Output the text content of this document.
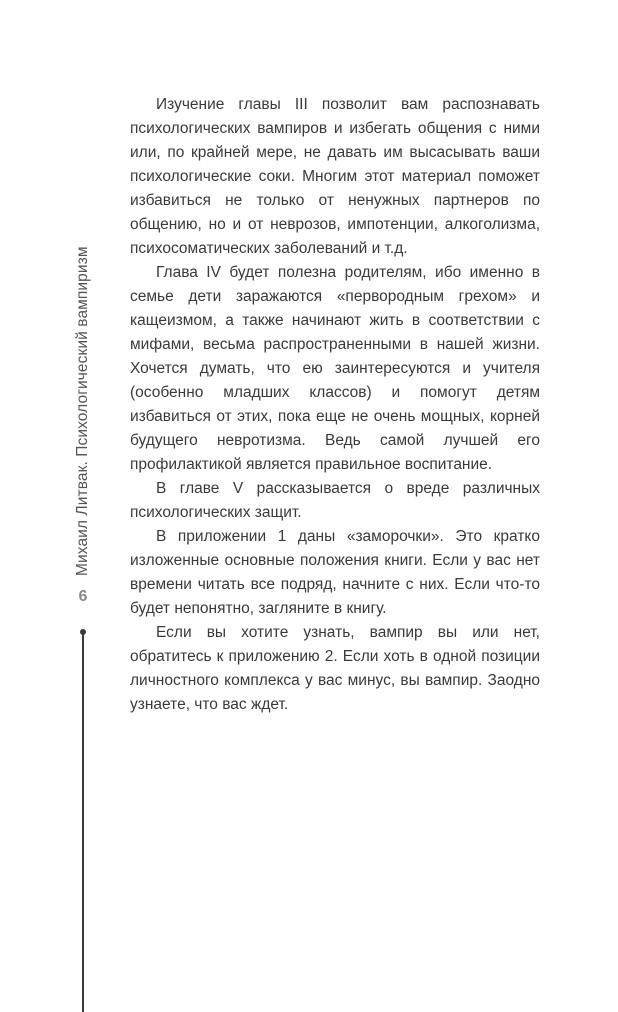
Михаил Литвак. Психологический вампиризм
6

Изучение главы III позволит вам распознавать психологических вампиров и избегать общения с ними или, по крайней мере, не давать им высасывать ваши психологические соки. Многим этот материал поможет избавиться не только от ненужных партнеров по общению, но и от неврозов, импотенции, алкоголизма, психосоматических заболеваний и т.д.

Глава IV будет полезна родителям, ибо именно в семье дети заражаются «первородным грехом» и кащеизмом, а также начинают жить в соответствии с мифами, весьма распространенными в нашей жизни. Хочется думать, что ею заинтересуются и учителя (особенно младших классов) и помогут детям избавиться от этих, пока еще не очень мощных, корней будущего невротизма. Ведь самой лучшей его профилактикой является правильное воспитание.

В главе V рассказывается о вреде различных психологических защит.

В приложении 1 даны «заморочки». Это кратко изложенные основные положения книги. Если у вас нет времени читать все подряд, начните с них. Если что-то будет непонятно, загляните в книгу.

Если вы хотите узнать, вампир вы или нет, обратитесь к приложению 2. Если хоть в одной позиции личностного комплекса у вас минус, вы вампир. Заодно узнаете, что вас ждет.
